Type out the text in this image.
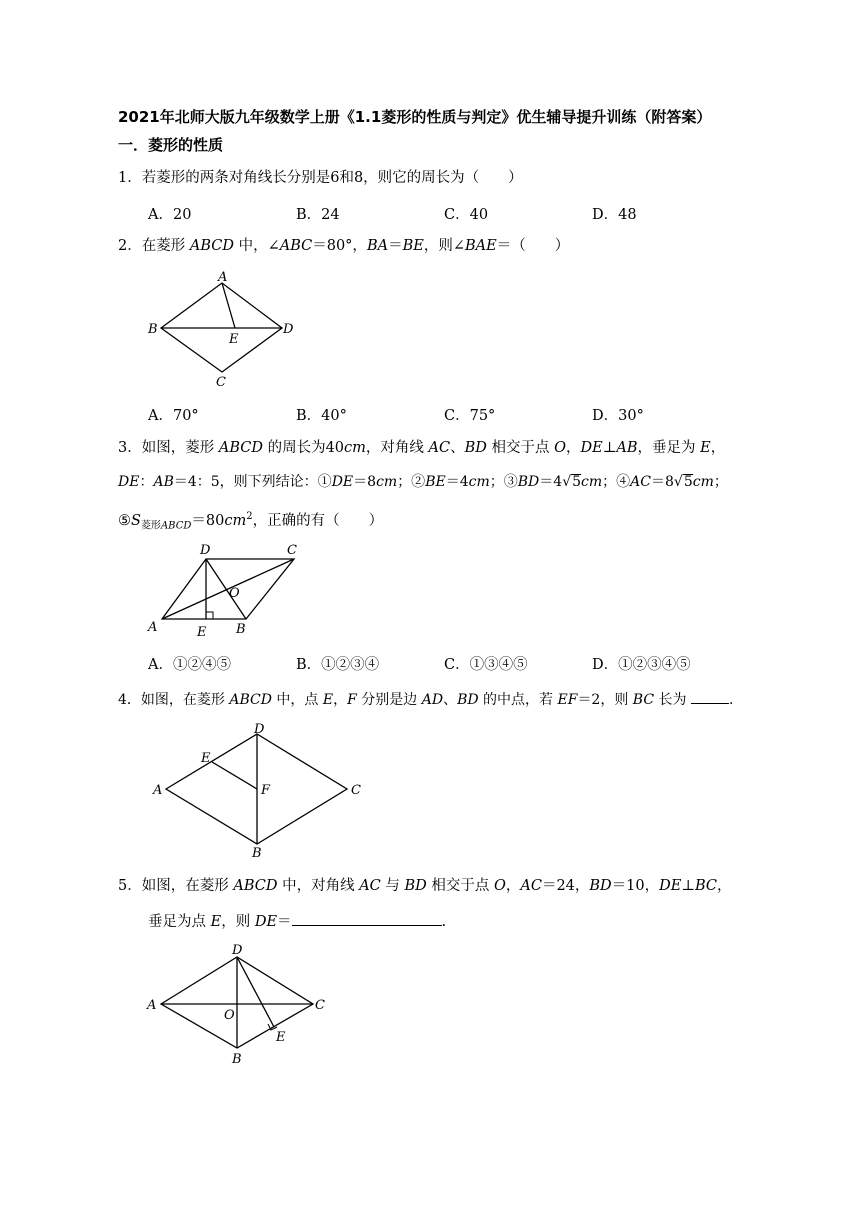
2021年北师大版九年级数学上册《1.1菱形的性质与判定》优生辅导提升训练（附答案）
一．菱形的性质
1．若菱形的两条对角线长分别是6和8，则它的周长为（　　）
A．20	B．24	C．40	D．48
2．在菱形 ABCD 中，∠ABC＝80°，BA＝BE，则∠BAE＝（　　）
A
B	D
E
C
A．70°	B．40°	C．75°	D．30°
3．如图，菱形 ABCD 的周长为40cm，对角线 AC、BD 相交于点 O，DE⊥AB，垂足为 E，
DE：AB＝4：5，则下列结论：①DE＝8cm；②BE＝4cm；③BD＝4√5cm；④AC＝8√5cm；
$⑤S_{菱形ABCD}=80cm^2$，正确的有（　　）
D	C
O
A	E B
A．①②④⑤	B．①②③④	C．①③④⑤	D．①②③④⑤
4．如图，在菱形 ABCD 中，点 E，F 分别是边 AD、BD 的中点，若 EF＝2，则 BC 长为	.
D
E
A	F	C
B
5．如图，在菱形 ABCD 中，对角线 AC 与 BD 相交于点 O，AC＝24，BD＝10，DE⊥BC，
垂足为点 E，则 DE＝	.
D
A
O
C
E
B
